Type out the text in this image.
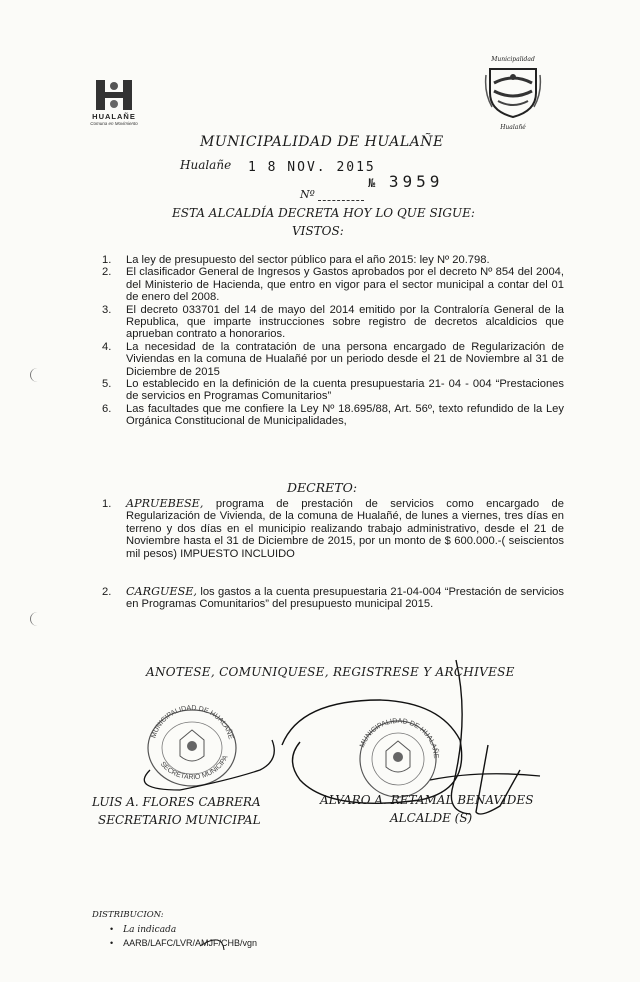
HUALAÑE
Comuna en Movimiento
Municipalidad
Hualañé
MUNICIPALIDAD DE HUALAÑE
Hualañe 1 8 NOV. 2015
Nº
№ 3959
ESTA ALCALDÍA DECRETA HOY LO QUE SIGUE:
VISTOS:
1. La ley de presupuesto del sector público para el año 2015: ley Nº 20.798.
2. El clasificador General de Ingresos y Gastos aprobados por el decreto Nº 854 del 2004, del Ministerio de Hacienda, que entro en vigor para el sector municipal a contar del 01 de enero del 2008.
3. El decreto 033701 del 14 de mayo del 2014 emitido por la Contraloría General de la Republica, que imparte instrucciones sobre registro de decretos alcaldicios que aprueban contrato a honorarios.
4. La necesidad de la contratación de una persona encargado de Regularización de Viviendas en la comuna de Hualañé por un periodo desde el 21 de Noviembre al 31 de Diciembre de 2015
5. Lo establecido en la definición de la cuenta presupuestaria 21- 04 - 004 “Prestaciones de servicios en Programas Comunitarios”
6. Las facultades que me confiere la Ley Nº 18.695/88, Art. 56º, texto refundido de la Ley Orgánica Constitucional de Municipalidades,
DECRETO:
1. APRUEBESE, programa de prestación de servicios como encargado de Regularización de Vivienda, de la comuna de Hualañé, de lunes a viernes, tres días en terreno y dos días en el municipio realizando trabajo administrativo, desde el 21 de Noviembre hasta el 31 de Diciembre de 2015, por un monto de $ 600.000.-( seiscientos mil pesos) IMPUESTO INCLUIDO
2. CARGUESE, los gastos a la cuenta presupuestaria 21-04-004 “Prestación de servicios en Programas Comunitarios” del presupuesto municipal 2015.
ANOTESE, COMUNIQUESE, REGISTRESE Y ARCHIVESE
MUNICIPALIDAD DE HUALAÑE
SECRETARIO MUNICIPA
MUNICIPALIDAD DE HUALAÑE
LUIS A. FLORES CABRERA
SECRETARIO MUNICIPAL
ALVARO A. RETAMAL BENAVIDES
ALCALDE (S)
DISTRIBUCION:
• La indicada
• AARB/LAFC/LVR/AMJF/CHB/vgn
